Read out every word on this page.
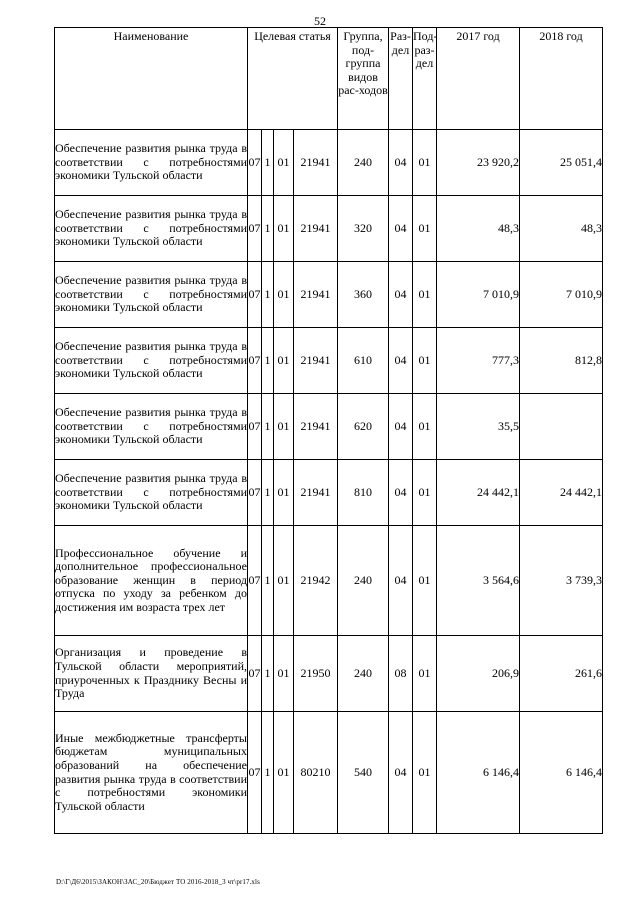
52
Наименование	Целевая статья				Группа, под-группа видов рас-ходов	Раз-дел	Под-раз-дел	2017 год	2018 год
Обеспечение развития рынка труда в соответствии с потребностями экономики Тульской области	07	1	01	21941	240	04	01	23 920,2	25 051,4
Обеспечение развития рынка труда в соответствии с потребностями экономики Тульской области	07	1	01	21941	320	04	01	48,3	48,3
Обеспечение развития рынка труда в соответствии с потребностями экономики Тульской области	07	1	01	21941	360	04	01	7 010,9	7 010,9
Обеспечение развития рынка труда в соответствии с потребностями экономики Тульской области	07	1	01	21941	610	04	01	777,3	812,8
Обеспечение развития рынка труда в соответствии с потребностями экономики Тульской области	07	1	01	21941	620	04	01	35,5	
Обеспечение развития рынка труда в соответствии с потребностями экономики Тульской области	07	1	01	21941	810	04	01	24 442,1	24 442,1
Профессиональное обучение и дополнительное профессиональное образование женщин в период отпуска по уходу за ребенком до достижения им возраста трех лет	07	1	01	21942	240	04	01	3 564,6	3 739,3
Организация и проведение в Тульской области мероприятий, приуроченных к Празднику Весны и Труда	07	1	01	21950	240	08	01	206,9	261,6
Иные межбюджетные трансферты бюджетам муниципальных образований на обеспечение развития рынка труда в соответствии с потребностями экономики Тульской области	07	1	01	80210	540	04	01	6 146,4	6 146,4
D:\Г\Д6\2015\ЗАКОН\ЗАС_20\Бюджет ТО 2016-2018_3 чт\pr17.xls
